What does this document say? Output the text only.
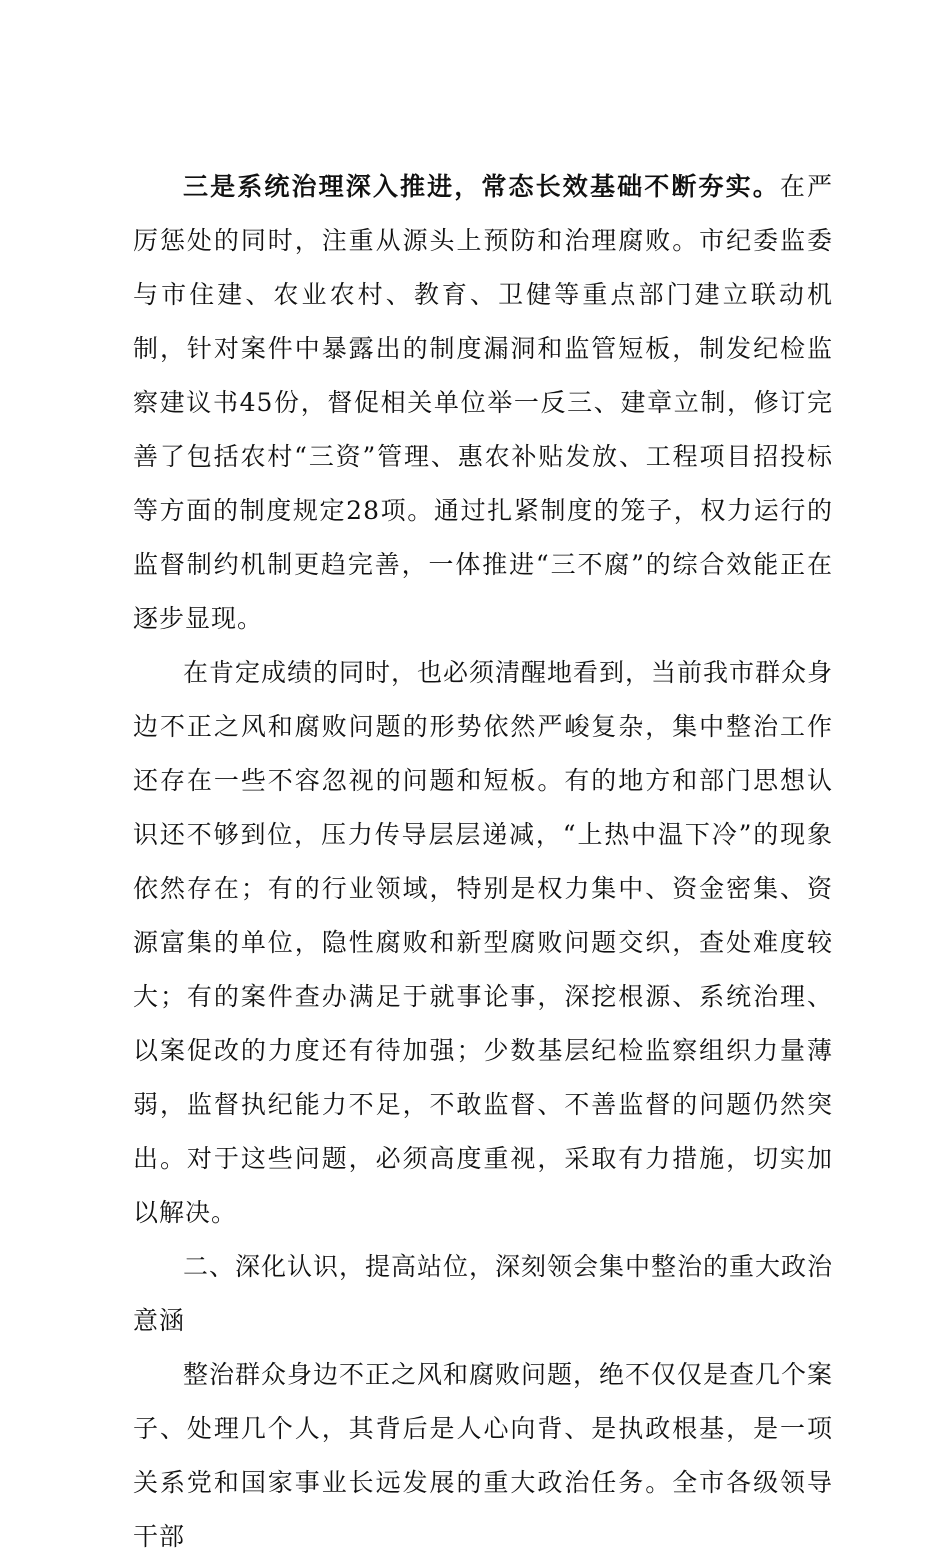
三是系统治理深入推进，常态长效基础不断夯实。在严厉惩处的同时，注重从源头上预防和治理腐败。市纪委监委与市住建、农业农村、教育、卫健等重点部门建立联动机制，针对案件中暴露出的制度漏洞和监管短板，制发纪检监察建议书45份，督促相关单位举一反三、建章立制，修订完善了包括农村“三资”管理、惠农补贴发放、工程项目招投标等方面的制度规定28项。通过扎紧制度的笼子，权力运行的监督制约机制更趋完善，一体推进“三不腐”的综合效能正在逐步显现。

在肯定成绩的同时，也必须清醒地看到，当前我市群众身边不正之风和腐败问题的形势依然严峻复杂，集中整治工作还存在一些不容忽视的问题和短板。有的地方和部门思想认识还不够到位，压力传导层层递减，“上热中温下冷”的现象依然存在；有的行业领域，特别是权力集中、资金密集、资源富集的单位，隐性腐败和新型腐败问题交织，查处难度较大；有的案件查办满足于就事论事，深挖根源、系统治理、以案促改的力度还有待加强；少数基层纪检监察组织力量薄弱，监督执纪能力不足，不敢监督、不善监督的问题仍然突出。对于这些问题，必须高度重视，采取有力措施，切实加以解决。

二、深化认识，提高站位，深刻领会集中整治的重大政治意涵

整治群众身边不正之风和腐败问题，绝不仅仅是查几个案子、处理几个人，其背后是人心向背、是执政根基，是一项关系党和国家事业长远发展的重大政治任务。全市各级领导干部
